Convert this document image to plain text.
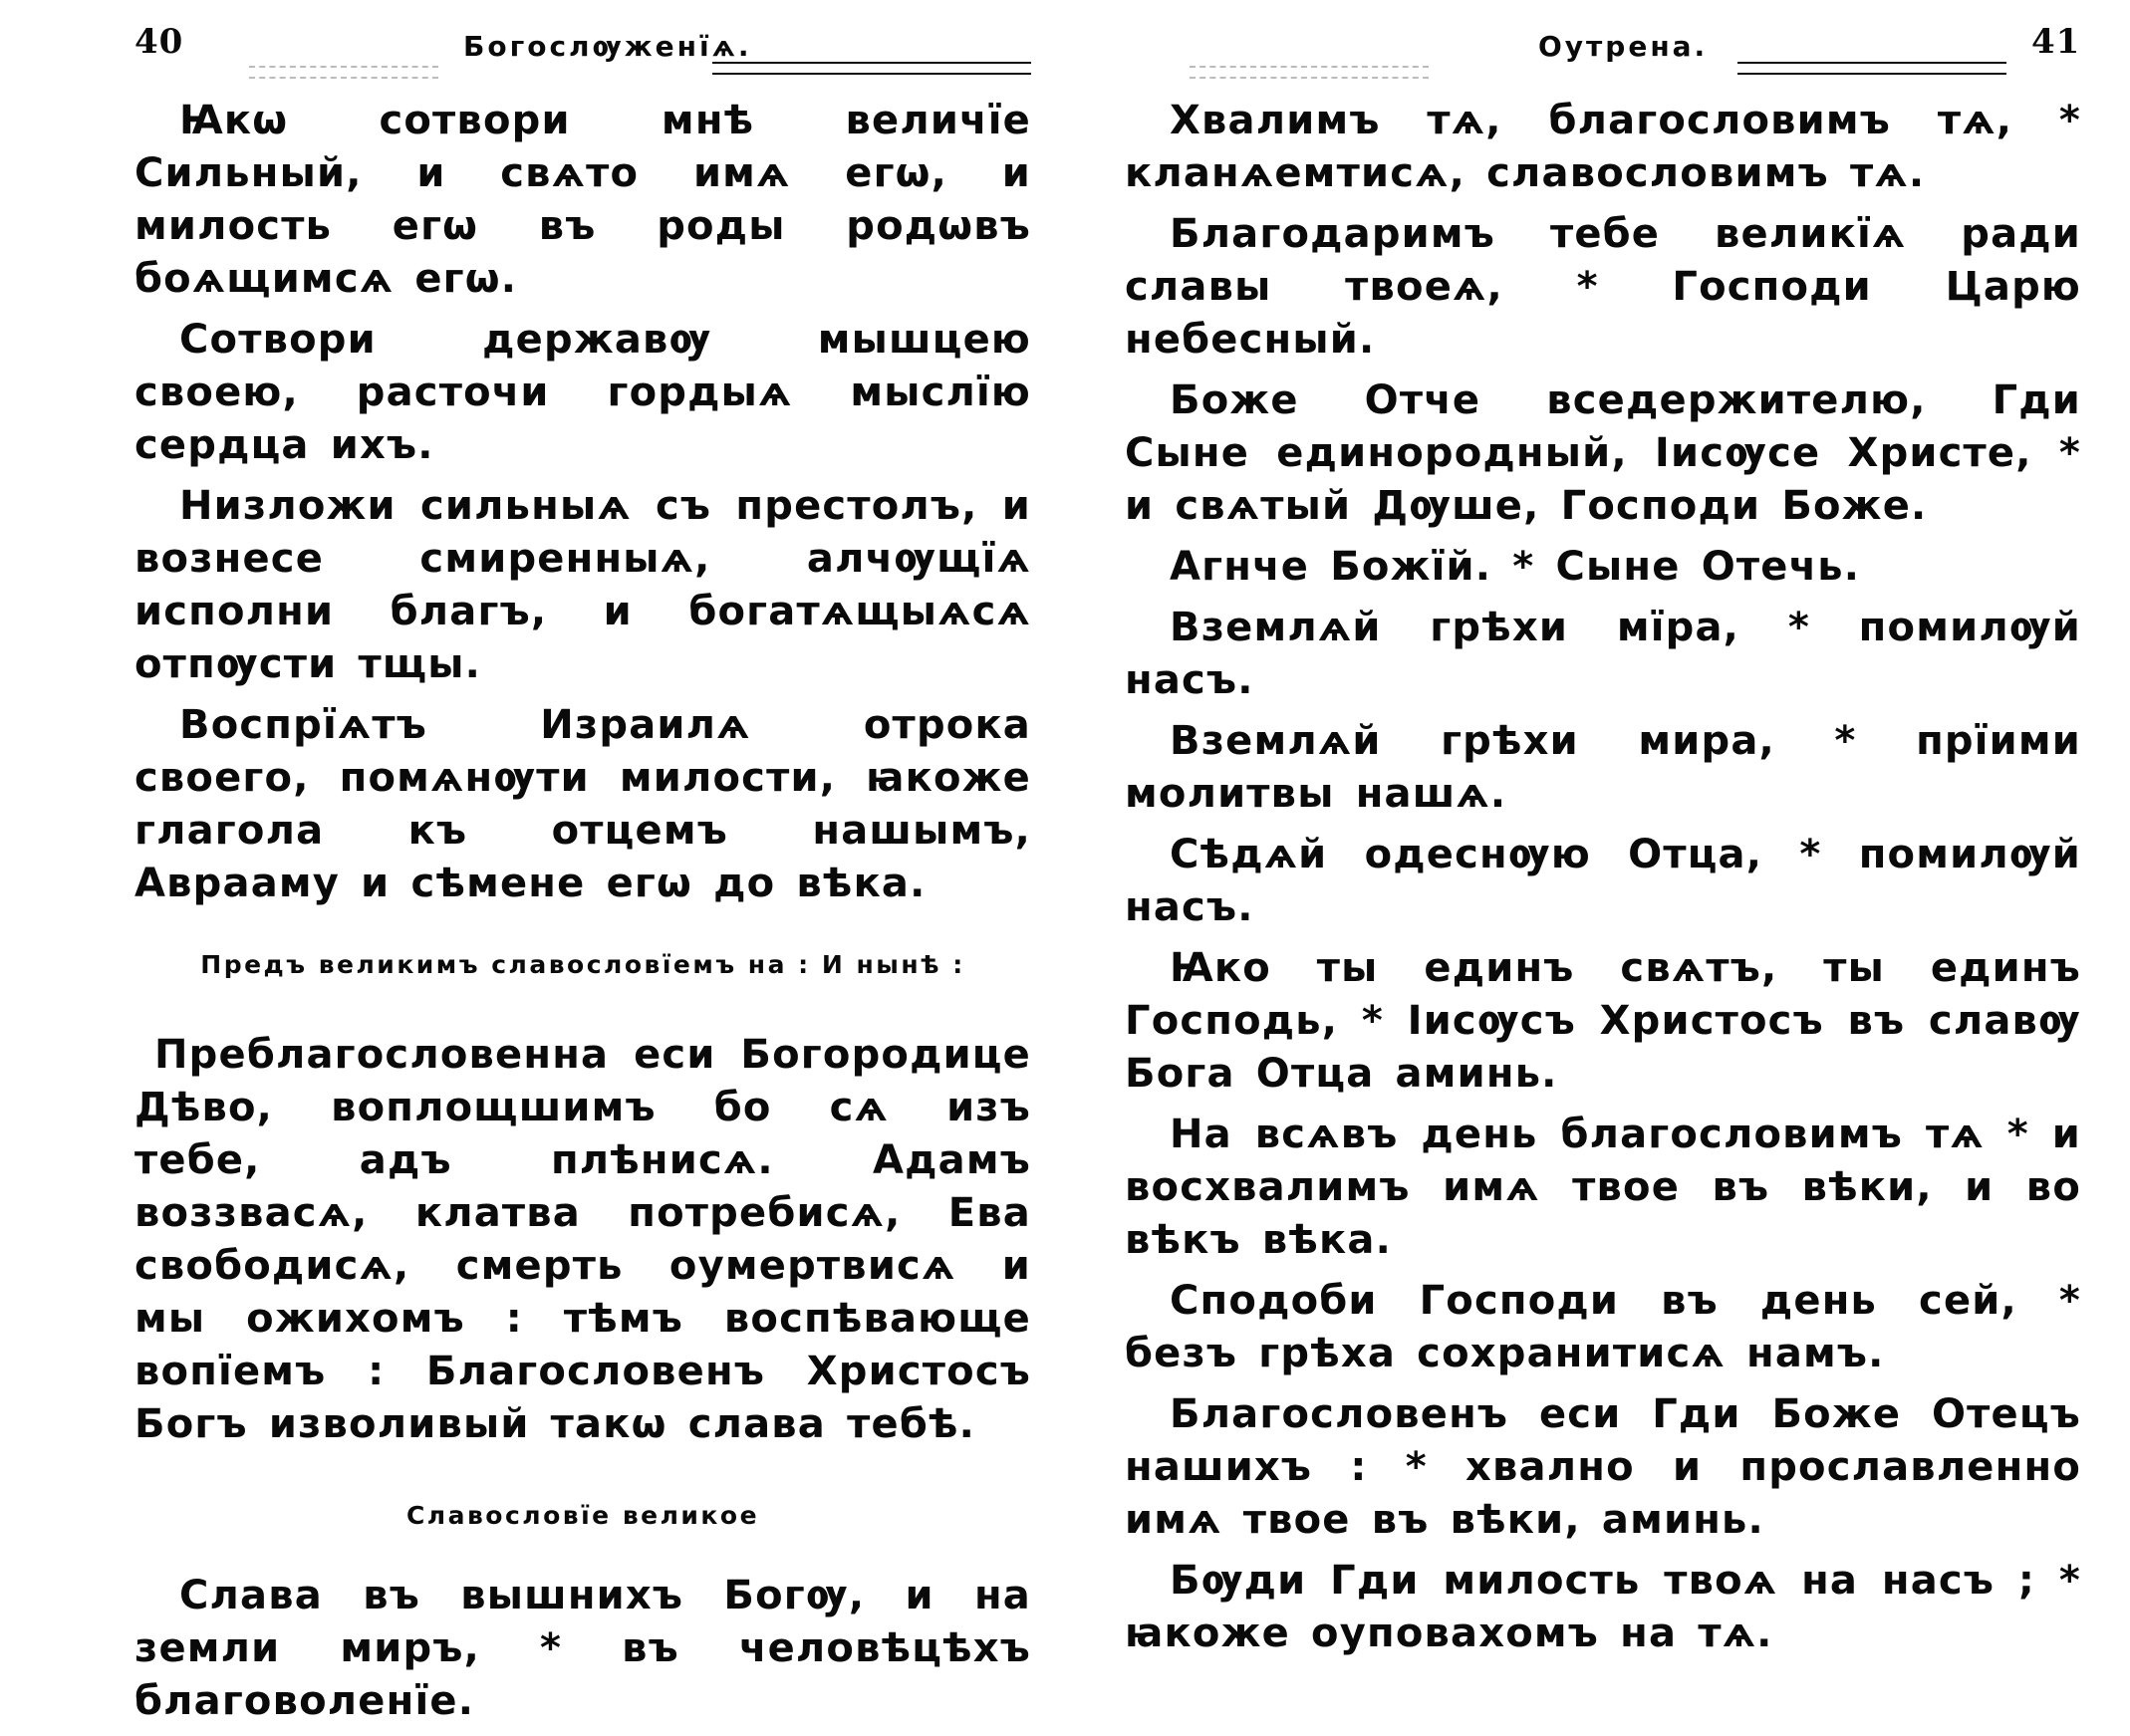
40	Богослѹженїѧ.

Ꙗкѡ сотвори мнѣ величїе Сильный, и свѧто имѧ егѡ, и милость егѡ въ роды родѡвъ боѧщимсѧ егѡ.

Сотвори державѹ мышцею своею, расточи гордыѧ мыслїю сердца ихъ.

Низложи сильныѧ съ престолъ, и вознесе смиренныѧ, алчѹщїѧ исполни благъ, и богатѧщыѧсѧ отпѹсти тщы.

Воспрїѧтъ Израилѧ отрока своего, помѧнѹти милости, ꙗкоже глагола къ отцемъ нашымъ, Аврааму и сѣмене егѡ до вѣка.

Предъ великимъ славословїемъ на : И нынѣ :

Преблагословенна еси Богородице Дѣво, воплощшимъ бо сѧ изъ тебе, адъ плѣнисѧ. Адамъ воззвасѧ, клатва потребисѧ, Ева свободисѧ, смерть оумертвисѧ и мы ожихомъ : тѣмъ воспѣвающе вопїемъ : Благословенъ Христосъ Богъ изволивый такѡ слава тебѣ.

Славословїе великое

Слава въ вышнихъ Богѹ, и на земли миръ, * въ человѣцѣхъ благоволенїе.

Оутрена.	41

Хвалимъ тѧ, благословимъ тѧ, * кланѧемтисѧ, славословимъ тѧ.

Благодаримъ тебе великїѧ ради славы твоеѧ, * Господи Царю небесный.

Боже Отче вседержителю, Гди Сыне единородный, Іисѹсе Христе, * и свѧтый Дѹше, Господи Боже.

Агнче Божїй. * Сыне Отечь.

Вземлѧй грѣхи мїра, * помилѹй насъ.

Вземлѧй грѣхи мира, * прїими молитвы нашѧ.

Сѣдѧй одеснѹю Отца, * помилѹй насъ.

Ꙗко ты единъ свѧтъ, ты единъ Господь, * Іисѹсъ Христосъ въ славѹ Бога Отца аминь.

На всѧвъ день благословимъ тѧ * и восхвалимъ имѧ твое въ вѣки, и во вѣкъ вѣка.

Сподоби Господи въ день сей, * безъ грѣха сохранитисѧ намъ.

Благословенъ еси Гди Боже Отецъ нашихъ : * хвално и прославленно имѧ твое въ вѣки, аминь.

Бѹди Гди милость твоѧ на насъ ; * ꙗкоже оуповахомъ на тѧ.
